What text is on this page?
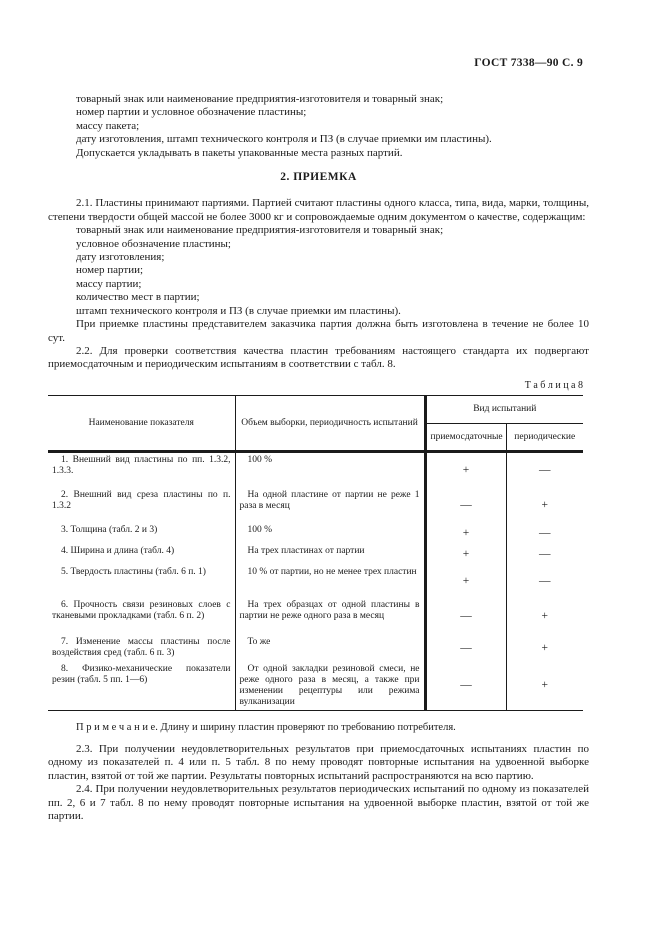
ГОСТ 7338—90 С. 9
товарный знак или наименование предприятия-изготовителя и товарный знак;
номер партии и условное обозначение пластины;
массу пакета;
дату изготовления, штамп технического контроля и ПЗ (в случае приемки им пластины).
Допускается укладывать в пакеты упакованные места разных партий.
2. ПРИЕМКА
2.1. Пластины принимают партиями. Партией считают пластины одного класса, типа, вида, марки, толщины, степени твердости общей массой не более 3000 кг и сопровождаемые одним документом о качестве, содержащим:
товарный знак или наименование предприятия-изготовителя и товарный знак;
условное обозначение пластины;
дату изготовления;
номер партии;
массу партии;
количество мест в партии;
штамп технического контроля и ПЗ (в случае приемки им пластины).
При приемке пластины представителем заказчика партия должна быть изготовлена в течение не более 10 сут.
2.2. Для проверки соответствия качества пластин требованиям настоящего стандарта их подвергают приемосдаточным и периодическим испытаниям в соответствии с табл. 8.
Т а б л и ц а 8
Наименование показателя	Объем выборки, периодичность испытаний	Вид испытаний	
		приемосдаточные	периодические
1. Внешний вид пластины по пп. 1.3.2, 1.3.3.	100 %	+	—
2. Внешний вид среза пластины по п. 1.3.2	На одной пластине от партии не реже 1 раза в месяц	—	+
3. Толщина (табл. 2 и 3)	100 %	+	—
4. Ширина и длина (табл. 4)	На трех пластинах от партии	+	—
5. Твердость пластины (табл. 6 п. 1)	10 % от партии, но не менее трех пластин	+	—
6. Прочность связи резиновых слоев с тканевыми прокладками (табл. 6 п. 2)	На трех образцах от одной пластины в партии не реже одного раза в месяц	—	+
7. Изменение массы пластины после воздействия сред (табл. 6 п. 3)	То же	—	+
8. Физико-механические показатели резин (табл. 5 пп. 1—6)	От одной закладки резиновой смеси, не реже одного раза в месяц, а также при изменении рецептуры или режима вулканизации	—	+
П р и м е ч а н и е. Длину и ширину пластин проверяют по требованию потребителя.
2.3. При получении неудовлетворительных результатов при приемосдаточных испытаниях пластин по одному из показателей п. 4 или п. 5 табл. 8 по нему проводят повторные испытания на удвоенной выборке пластин, взятой от той же партии. Результаты повторных испытаний распространяются на всю партию.
2.4. При получении неудовлетворительных результатов периодических испытаний по одному из показателей пп. 2, 6 и 7 табл. 8 по нему проводят повторные испытания на удвоенной выборке пластин, взятой от той же партии.
